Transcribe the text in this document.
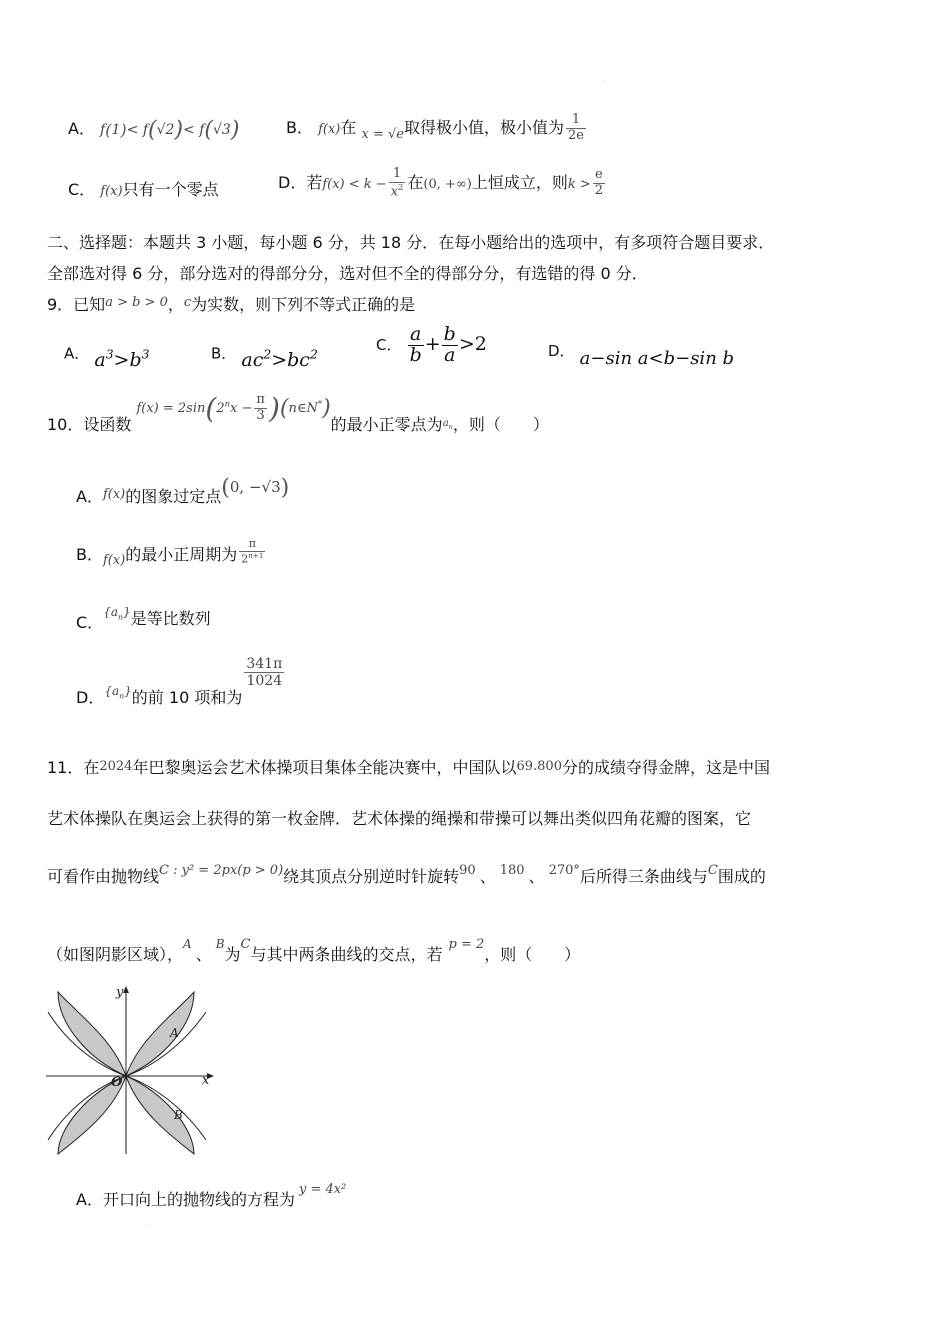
·
A． f(1)< f(√2)< f(√3)	B． f(x)在 $_{x = √e}$取得极小值，极小值为 $\frac{1}{2e}$
C． f(x)只有一个零点	D．若$f(x) < k - \frac{1}{x^2}$ 在(0, +∞)上恒成立，则$k > \frac{e}{2}$
二、选择题：本题共 3 小题，每小题 6 分，共 18 分．在每小题给出的选项中，有多项符合题目要求．
全部选对得 6 分，部分选对的得部分分，选对但不全的得部分分，有选错的得 0 分．
9．已知$^{a > b > 0}$，$^c$为实数，则下列不等式正确的是
A． $a^3>b^3$	B． $ac^2>bc^2$
C． $\frac{a}{b} + \frac{b}{a} >2$	D． a−sin a<b−sin b
10．设函数 $f(x) = 2\sin(2^nx - \frac{\pi}{3}$ )(n∈N*)的最小正零点为$_{a_n}$，则（　　）
A．$_{f(x)}$的图象过定点(0, −√3)
B．$_{f(x)}$的最小正周期为 $\frac{\pi}{2^{n+1}}$
C．$\{a_n\}$是等比数列
D．$_{\{a_n\}}$的前 10 项和为
$\frac{341\pi}{1024}$
11．在2024年巴黎奥运会艺术体操项目集体全能决赛中，中国队以69.800分的成绩夺得金牌，这是中国
艺术体操队在奥运会上获得的第一枚金牌．艺术体操的绳操和带操可以舞出类似四角花瓣的图案，它
可看作由抛物线C : y² = 2px(p > 0)绕其顶点分别逆时针旋转90 、 180 、 270°后所得三条曲线与C围成的
（如图阴影区域），A、B为C与其中两条曲线的交点，若p = 2，则（　　）
y
x
O
A
B
A．开口向上的抛物线的方程为y = 4x²
·
